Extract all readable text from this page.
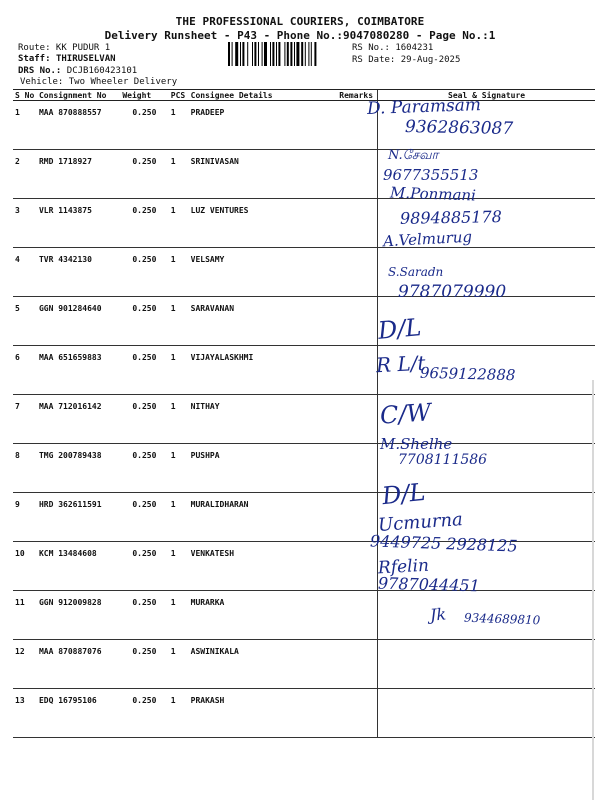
THE PROFESSIONAL COURIERS, COIMBATORE
Delivery Runsheet - P43 - Phone No.:9047080280 - Page No.:1
Route: KK PUDUR 1
Staff: THIRUSELVAN
DRS No.: DCJB160423101
Vehicle: Two Wheeler Delivery
RS No.: 1604231
RS Date: 29-Aug-2025
S No	Consignment No	Weight	PCS	Consignee Details	Remarks	Seal & Signature
1	MAA 870888557	0.250	1	PRADEEP		
2	RMD 1718927	0.250	1	SRINIVASAN		
3	VLR 1143875	0.250	1	LUZ VENTURES		
4	TVR 4342130	0.250	1	VELSAMY		
5	GGN 901284640	0.250	1	SARAVANAN		
6	MAA 651659883	0.250	1	VIJAYALASKHMI		
7	MAA 712016142	0.250	1	NITHAY		
8	TMG 200789438	0.250	1	PUSHPA		
9	HRD 362611591	0.250	1	MURALIDHARAN		
10	KCM 13484608	0.250	1	VENKATESH		
11	GGN 912009828	0.250	1	MURARKA		
12	MAA 870887076	0.250	1	ASWINIKALA		
13	EDQ 16795106	0.250	1	PRAKASH		
D. Paramsam
9362863087
N.சேவா
9677355513
M.Ponmani
9894885178
A.Velmurug
S.Saradn
9787079990
D/L
R L/t
9659122888
C/W
M.Shelhe
7708111586
D/L
Ucmurna
9449725 2928125
Rfelin
9787044451
Jk 9344689810
